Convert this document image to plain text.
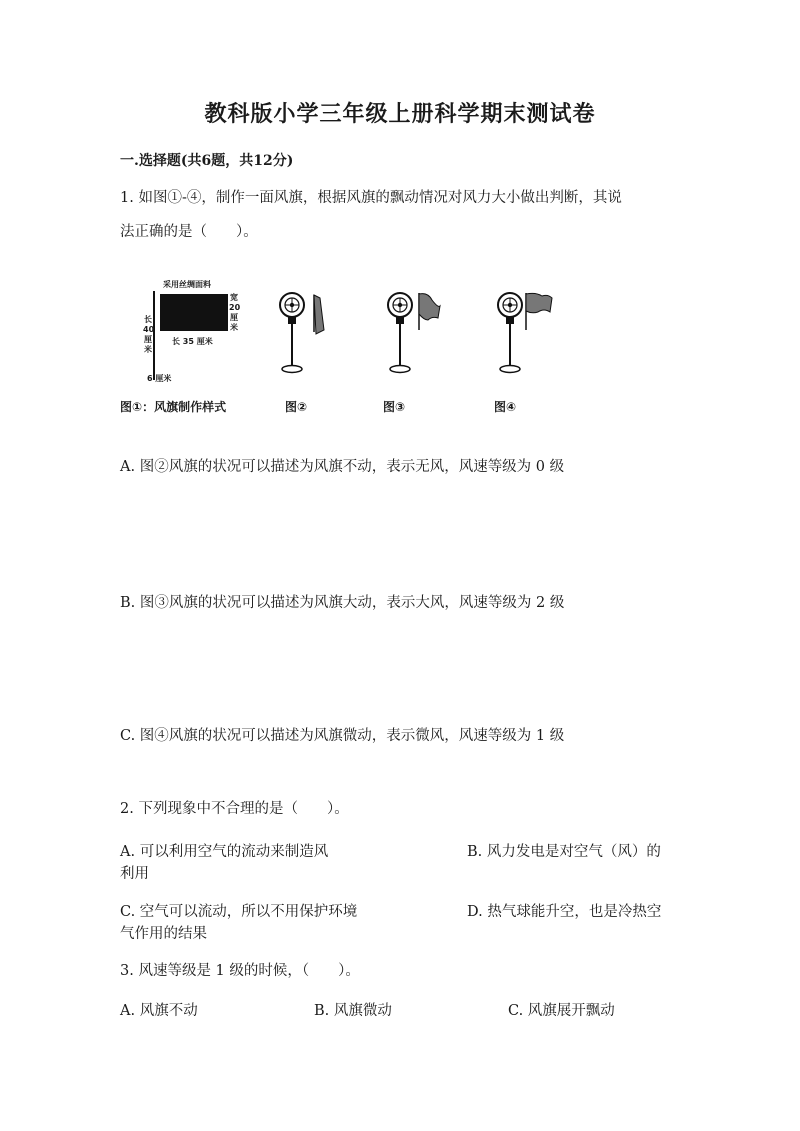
教科版小学三年级上册科学期末测试卷
一.选择题(共6题，共12分)
1. 如图①-④，制作一面风旗，根据风旗的飘动情况对风力大小做出判断，其说
法正确的是（　　）。
采用丝绸面料
宽
20
厘
米
长
40
厘
米
长 35 厘米
6 厘米
图①：风旗制作样式	图②	图③	图④
A. 图②风旗的状况可以描述为风旗不动，表示无风，风速等级为 0 级
B. 图③风旗的状况可以描述为风旗大动，表示大风，风速等级为 2 级
C. 图④风旗的状况可以描述为风旗微动，表示微风，风速等级为 1 级
2. 下列现象中不合理的是（　　）。
A. 可以利用空气的流动来制造风
利用
B. 风力发电是对空气（风）的
C. 空气可以流动，所以不用保护环境
气作用的结果
D. 热气球能升空，也是冷热空
3. 风速等级是 1 级的时候，（　　）。
A. 风旗不动	B. 风旗微动	C. 风旗展开飘动
